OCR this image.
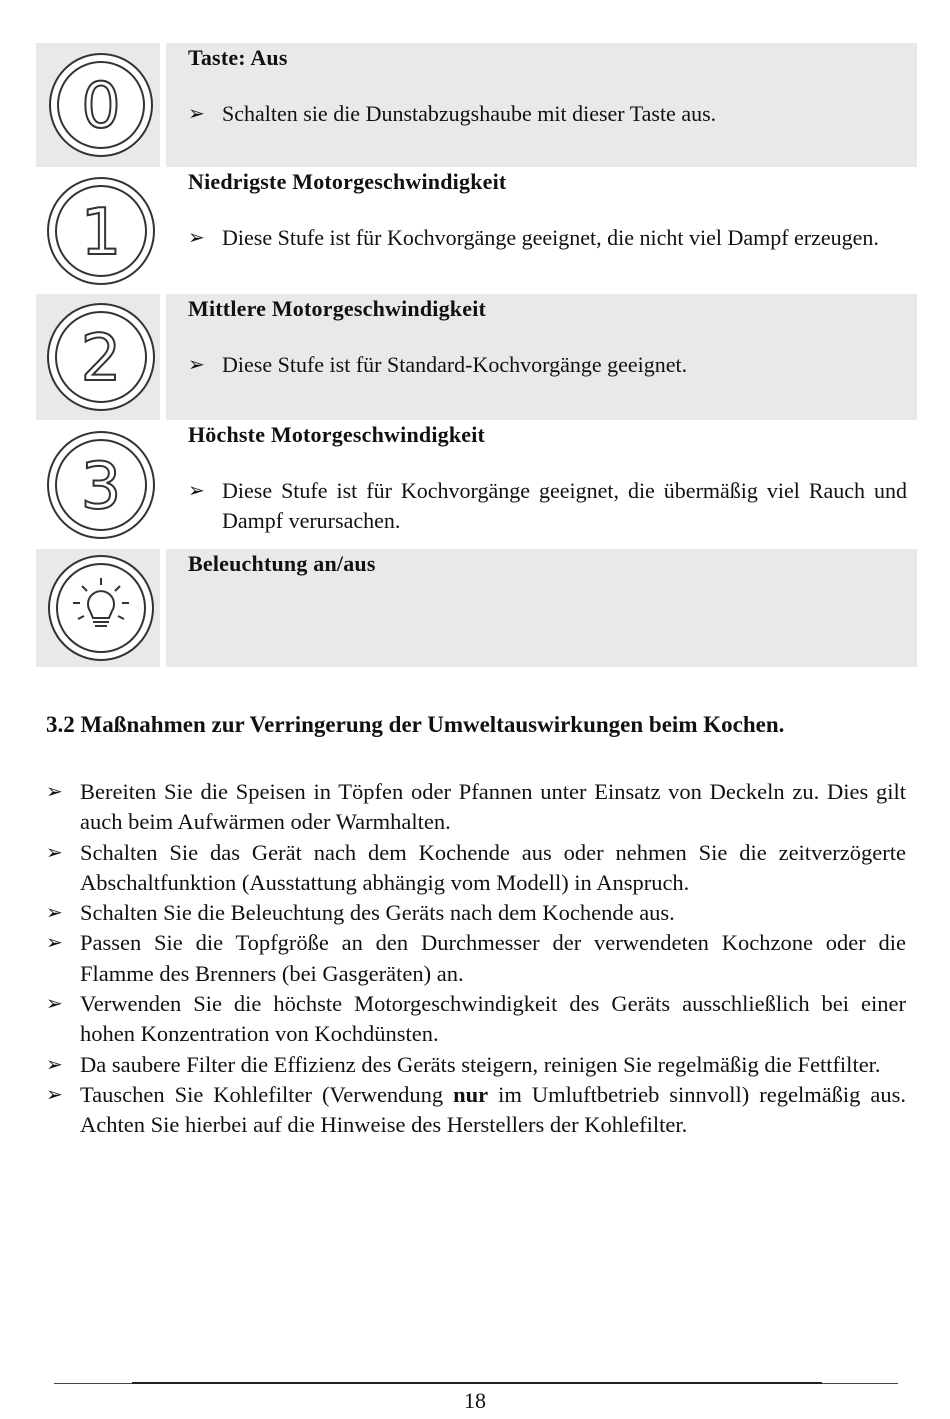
0
Taste: Aus
➢ Schalten sie die Dunstabzugshaube mit dieser Taste aus.
1
Niedrigste Motorgeschwindigkeit
➢ Diese Stufe ist für Kochvorgänge geeignet, die nicht viel Dampf erzeugen.
2
Mittlere Motorgeschwindigkeit
➢ Diese Stufe ist für Standard-Kochvorgänge geeignet.
3
Höchste Motorgeschwindigkeit
➢ Diese Stufe ist für Kochvorgänge geeignet, die übermäßig viel Rauch und Dampf verursachen.
Beleuchtung an/aus
3.2 Maßnahmen zur Verringerung der Umweltauswirkungen beim Kochen.
➢ Bereiten Sie die Speisen in Töpfen oder Pfannen unter Einsatz von Deckeln zu. Dies gilt auch beim Aufwärmen oder Warmhalten.
➢ Schalten Sie das Gerät nach dem Kochende aus oder nehmen Sie die zeitverzögerte Abschaltfunktion (Ausstattung abhängig vom Modell) in Anspruch.
➢ Schalten Sie die Beleuchtung des Geräts nach dem Kochende aus.
➢ Passen Sie die Topfgröße an den Durchmesser der verwendeten Kochzone oder die Flamme des Brenners (bei Gasgeräten) an.
➢ Verwenden Sie die höchste Motorgeschwindigkeit des Geräts ausschließlich bei einer hohen Konzentration von Kochdünsten.
➢ Da saubere Filter die Effizienz des Geräts steigern, reinigen Sie regelmäßig die Fettfilter.
➢ Tauschen Sie Kohlefilter (Verwendung nur im Umluftbetrieb sinnvoll) regelmäßig aus. Achten Sie hierbei auf die Hinweise des Herstellers der Kohlefilter.
18
